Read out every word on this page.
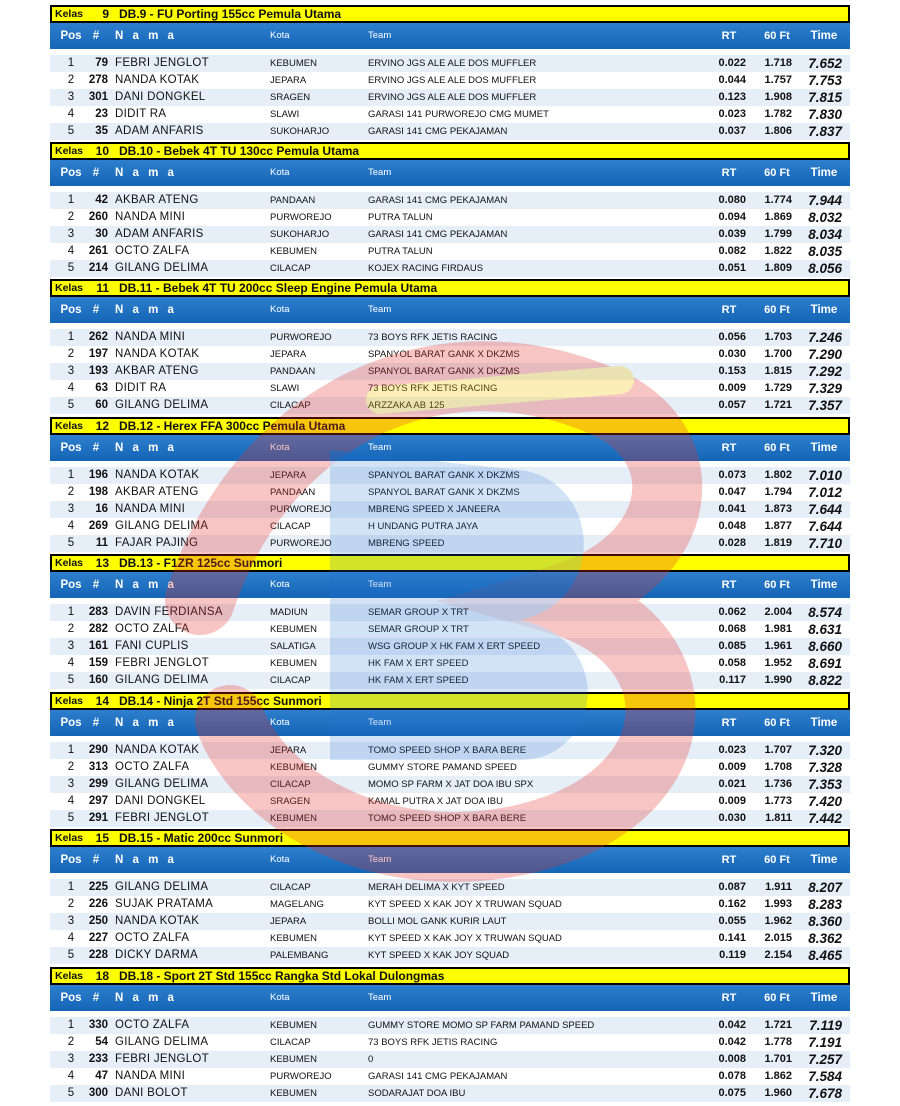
Kelas	9 DB.9 - FU Porting 155cc Pemula Utama
Pos # N a m a	Kota	Team	RT	60 Ft	Time
1	79 FEBRI JENGLOT	KEBUMEN	ERVINO JGS ALE ALE DOS MUFFLER	0.022	1.718	7.652
2	278 NANDA KOTAK	JEPARA	ERVINO JGS ALE ALE DOS MUFFLER	0.044	1.757	7.753
3	301 DANI DONGKEL	SRAGEN	ERVINO JGS ALE ALE DOS MUFFLER	0.123	1.908	7.815
4	23 DIDIT RA	SLAWI	GARASI 141 PURWOREJO CMG MUMET	0.023	1.782	7.830
5	35 ADAM ANFARIS	SUKOHARJO	GARASI 141 CMG PEKAJAMAN	0.037	1.806	7.837
Kelas	10 DB.10 - Bebek 4T TU 130cc Pemula Utama
Pos # N a m a	Kota	Team	RT	60 Ft	Time
1	42 AKBAR ATENG	PANDAAN	GARASI 141 CMG PEKAJAMAN	0.080	1.774	7.944
2	260 NANDA MINI	PURWOREJO	PUTRA TALUN	0.094	1.869	8.032
3	30 ADAM ANFARIS	SUKOHARJO	GARASI 141 CMG PEKAJAMAN	0.039	1.799	8.034
4	261 OCTO ZALFA	KEBUMEN	PUTRA TALUN	0.082	1.822	8.035
5	214 GILANG DELIMA	CILACAP	KOJEX RACING FIRDAUS	0.051	1.809	8.056
Kelas	11 DB.11 - Bebek 4T TU 200cc Sleep Engine Pemula Utama
Pos # N a m a	Kota	Team	RT	60 Ft	Time
1	262 NANDA MINI	PURWOREJO	73 BOYS RFK JETIS RACING	0.056	1.703	7.246
2	197 NANDA KOTAK	JEPARA	SPANYOL BARAT GANK X DKZMS	0.030	1.700	7.290
3	193 AKBAR ATENG	PANDAAN	SPANYOL BARAT GANK X DKZMS	0.153	1.815	7.292
4	63 DIDIT RA	SLAWI	73 BOYS RFK JETIS RACING	0.009	1.729	7.329
5	60 GILANG DELIMA	CILACAP	ARZZAKA AB 125	0.057	1.721	7.357
Kelas	12 DB.12 - Herex FFA 300cc Pemula Utama
Pos # N a m a	Kota	Team	RT	60 Ft	Time
1	196 NANDA KOTAK	JEPARA	SPANYOL BARAT GANK X DKZMS	0.073	1.802	7.010
2	198 AKBAR ATENG	PANDAAN	SPANYOL BARAT GANK X DKZMS	0.047	1.794	7.012
3	16 NANDA MINI	PURWOREJO	MBRENG SPEED X JANEERA	0.041	1.873	7.644
4	269 GILANG DELIMA	CILACAP	H UNDANG PUTRA JAYA	0.048	1.877	7.644
5	11 FAJAR PAJING	PURWOREJO	MBRENG SPEED	0.028	1.819	7.710
Kelas	13 DB.13 - F1ZR 125cc Sunmori
Pos # N a m a	Kota	Team	RT	60 Ft	Time
1	283 DAVIN FERDIANSA	MADIUN	SEMAR GROUP X TRT	0.062	2.004	8.574
2	282 OCTO ZALFA	KEBUMEN	SEMAR GROUP X TRT	0.068	1.981	8.631
3	161 FANI CUPLIS	SALATIGA	WSG GROUP X HK FAM X ERT SPEED	0.085	1.961	8.660
4	159 FEBRI JENGLOT	KEBUMEN	HK FAM X ERT SPEED	0.058	1.952	8.691
5	160 GILANG DELIMA	CILACAP	HK FAM X ERT SPEED	0.117	1.990	8.822
Kelas	14 DB.14 - Ninja 2T Std 155cc Sunmori
Pos # N a m a	Kota	Team	RT	60 Ft	Time
1	290 NANDA KOTAK	JEPARA	TOMO SPEED SHOP X BARA BERE	0.023	1.707	7.320
2	313 OCTO ZALFA	KEBUMEN	GUMMY STORE PAMAND SPEED	0.009	1.708	7.328
3	299 GILANG DELIMA	CILACAP	MOMO SP FARM X JAT DOA IBU SPX	0.021	1.736	7.353
4	297 DANI DONGKEL	SRAGEN	KAMAL PUTRA X JAT DOA IBU	0.009	1.773	7.420
5	291 FEBRI JENGLOT	KEBUMEN	TOMO SPEED SHOP X BARA BERE	0.030	1.811	7.442
Kelas	15 DB.15 - Matic 200cc Sunmori
Pos # N a m a	Kota	Team	RT	60 Ft	Time
1	225 GILANG DELIMA	CILACAP	MERAH DELIMA X KYT SPEED	0.087	1.911	8.207
2	226 SUJAK PRATAMA	MAGELANG	KYT SPEED X KAK JOY X TRUWAN SQUAD	0.162	1.993	8.283
3	250 NANDA KOTAK	JEPARA	BOLLI MOL GANK KURIR LAUT	0.055	1.962	8.360
4	227 OCTO ZALFA	KEBUMEN	KYT SPEED X KAK JOY X TRUWAN SQUAD	0.141	2.015	8.362
5	228 DICKY DARMA	PALEMBANG	KYT SPEED X KAK JOY SQUAD	0.119	2.154	8.465
Kelas	18 DB.18 - Sport 2T Std 155cc Rangka Std Lokal Dulongmas
Pos # N a m a	Kota	Team	RT	60 Ft	Time
1	330 OCTO ZALFA	KEBUMEN	GUMMY STORE MOMO SP FARM PAMAND SPEED	0.042	1.721	7.119
2	54 GILANG DELIMA	CILACAP	73 BOYS RFK JETIS RACING	0.042	1.778	7.191
3	233 FEBRI JENGLOT	KEBUMEN	0	0.008	1.701	7.257
4	47 NANDA MINI	PURWOREJO	GARASI 141 CMG PEKAJAMAN	0.078	1.862	7.584
5	300 DANI BOLOT	KEBUMEN	SODARAJAT DOA IBU	0.075	1.960	7.678
